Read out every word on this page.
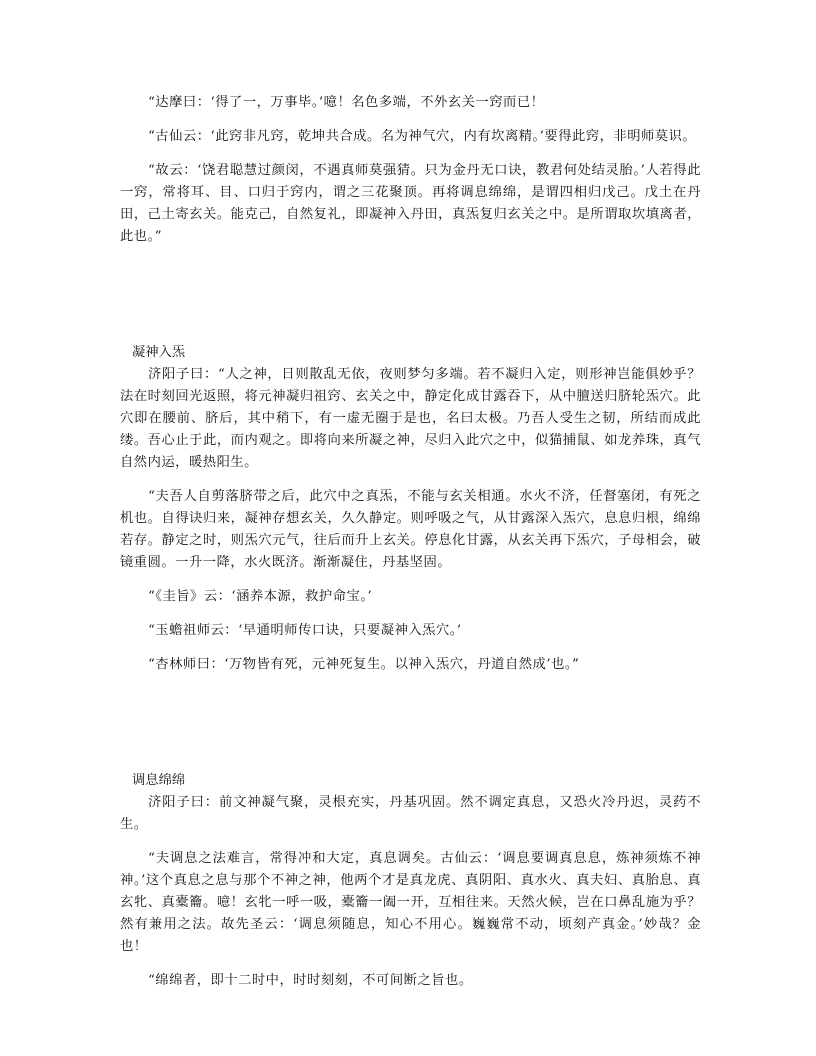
“达摩曰：‘得了一，万事毕。’噫！名色多端，不外玄关一窍而已！

“古仙云：‘此窍非凡窍，乾坤共合成。名为神气穴，内有坎离精。’要得此窍，非明师莫识。

“故云：‘饶君聪慧过颜闵，不遇真师莫强猜。只为金丹无口诀，教君何处结灵胎。’人若得此一窍，常将耳、目、口归于窍内，谓之三花聚顶。再将调息绵绵，是谓四相归戊己。戊土在丹田，己土寄玄关。能克己，自然复礼，即凝神入丹田，真炁复归玄关之中。是所谓取坎填离者，此也。”

凝神入炁

济阳子曰：“人之神，日则散乱无依，夜则梦匀多端。若不凝归入定，则形神岂能俱妙乎？法在时刻回光返照，将元神凝归祖窍、玄关之中，静定化成甘露吞下，从中膻送归脐轮炁穴。此穴即在腰前、脐后，其中稍下，有一虚无圈于是也，名曰太极。乃吾人受生之韧，所结而成此缕。吾心止于此，而内观之。即将向来所凝之神，尽归入此穴之中，似猫捕鼠、如龙养珠，真气自然内运，暖热阳生。

“夫吾人自剪落脐带之后，此穴中之真炁，不能与玄关相通。水火不济，任督塞闭，有死之机也。自得诀归来，凝神存想玄关，久久静定。则呼吸之气，从甘露深入炁穴，息息归根，绵绵若存。静定之时，则炁穴元气，往后而升上玄关。停息化甘露，从玄关再下炁穴，子母相会，破镜重圆。一升一降，水火既济。渐渐凝住，丹基坚固。

“《圭旨》云：‘涵养本源，救护命宝。’

“玉蟾祖师云：‘早通明师传口诀，只要凝神入炁穴。’

“杏林师曰：‘万物皆有死，元神死复生。以神入炁穴，丹道自然成’也。”

调息绵绵

济阳子曰：前文神凝气聚，灵根充实，丹基巩固。然不调定真息，又恐火冷丹迟，灵药不生。

“夫调息之法难言，常得冲和大定，真息调矣。古仙云：‘调息要调真息息，炼神须炼不神神。’这个真息之息与那个不神之神，他两个才是真龙虎、真阴阳、真水火、真夫妇、真胎息、真玄牝、真橐籥。噫！玄牝一呼一吸，橐籥一阖一开，互相往来。天然火候，岂在口鼻乱施为乎？然有兼用之法。故先圣云：‘调息须随息，知心不用心。巍巍常不动，顷刻产真金。’妙哉？金也！

“绵绵者，即十二时中，时时刻刻，不可间断之旨也。
